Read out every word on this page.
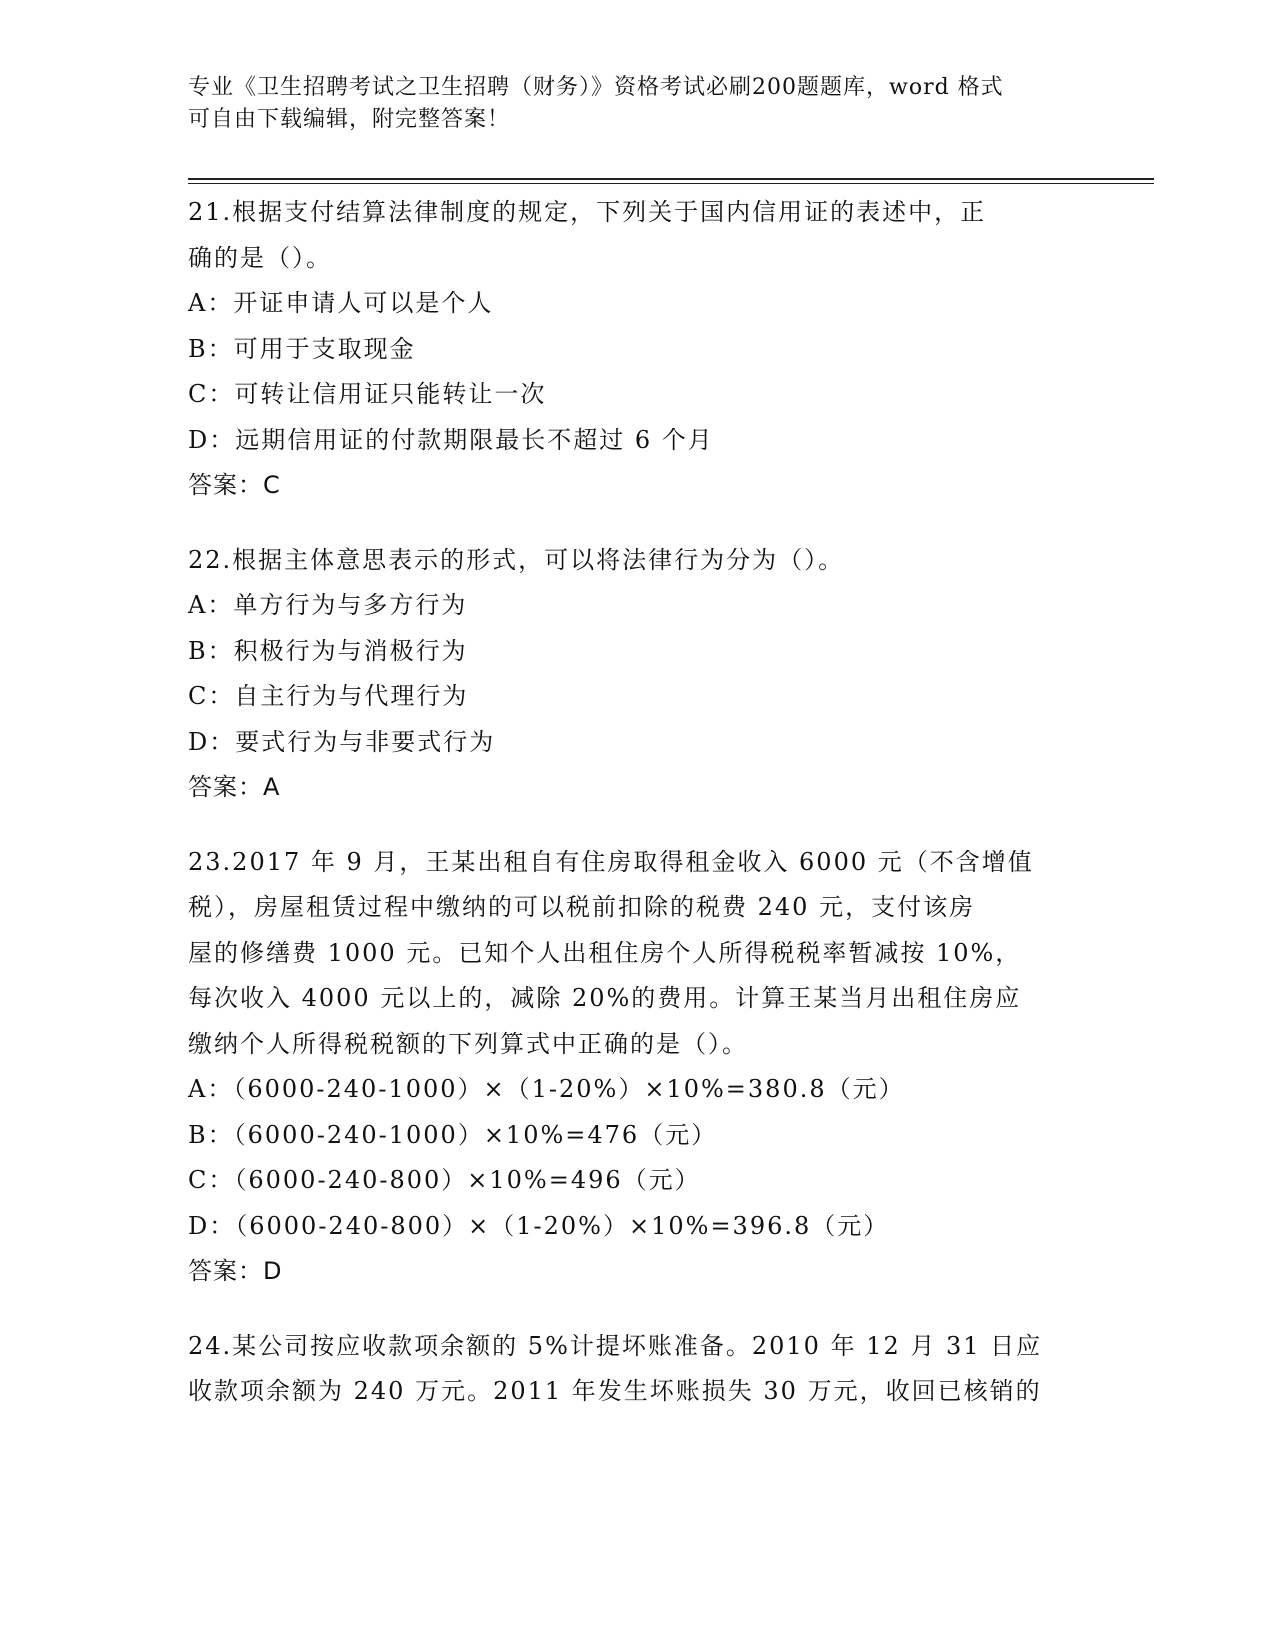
专业《卫生招聘考试之卫生招聘（财务）》资格考试必刷200题题库，word 格式
可自由下载编辑，附完整答案！
21.根据支付结算法律制度的规定，下列关于国内信用证的表述中，正
确的是（）。
A：开证申请人可以是个人
B：可用于支取现金
C：可转让信用证只能转让一次
D：远期信用证的付款期限最长不超过 6 个月
答案：C
22.根据主体意思表示的形式，可以将法律行为分为（）。
A：单方行为与多方行为
B：积极行为与消极行为
C：自主行为与代理行为
D：要式行为与非要式行为
答案：A
23.2017 年 9 月，王某出租自有住房取得租金收入 6000 元（不含增值
税），房屋租赁过程中缴纳的可以税前扣除的税费 240 元，支付该房
屋的修缮费 1000 元。已知个人出租住房个人所得税税率暂减按 10%，
每次收入 4000 元以上的，减除 20%的费用。计算王某当月出租住房应
缴纳个人所得税税额的下列算式中正确的是（）。
A：（6000-240-1000）×（1-20%）×10%=380.8（元）
B：（6000-240-1000）×10%=476（元）
C：（6000-240-800）×10%=496（元）
D：（6000-240-800）×（1-20%）×10%=396.8（元）
答案：D
24.某公司按应收款项余额的 5%计提坏账准备。2010 年 12 月 31 日应
收款项余额为 240 万元。2011 年发生坏账损失 30 万元，收回已核销的
